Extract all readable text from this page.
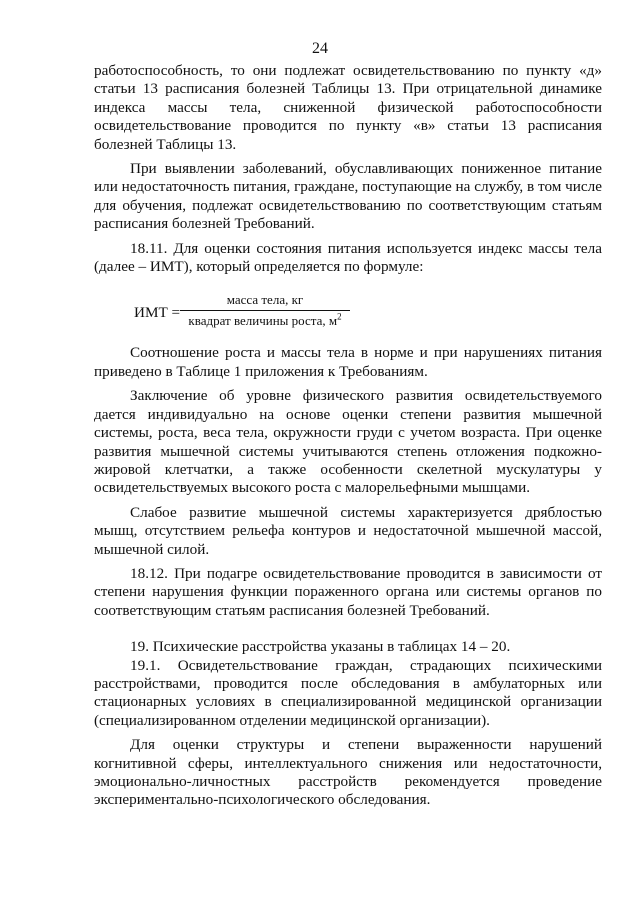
24

работоспособность, то они подлежат освидетельствованию по пункту «д» статьи 13 расписания болезней Таблицы 13. При отрицательной динамике индекса массы тела, сниженной физической работоспособности освидетельствование проводится по пункту «в» статьи 13 расписания болезней Таблицы 13.

При выявлении заболеваний, обуславливающих пониженное питание или недостаточность питания, граждане, поступающие на службу, в том числе для обучения, подлежат освидетельствованию по соответствующим статьям расписания болезней Требований.

18.11. Для оценки состояния питания используется индекс массы тела (далее – ИМТ), который определяется по формуле:

ИМТ =
масса тела, кг
квадрат величины роста, $м^2$

Соотношение роста и массы тела в норме и при нарушениях питания приведено в Таблице 1 приложения к Требованиям.

Заключение об уровне физического развития освидетельствуемого дается индивидуально на основе оценки степени развития мышечной системы, роста, веса тела, окружности груди с учетом возраста. При оценке развития мышечной системы учитываются степень отложения подкожно-жировой клетчатки, а также особенности скелетной мускулатуры у освидетельствуемых высокого роста с малорельефными мышцами.

Слабое развитие мышечной системы характеризуется дряблостью мышц, отсутствием рельефа контуров и недостаточной мышечной массой, мышечной силой.

18.12. При подагре освидетельствование проводится в зависимости от степени нарушения функции пораженного органа или системы органов по соответствующим статьям расписания болезней Требований.

19. Психические расстройства указаны в таблицах 14 – 20.

19.1. Освидетельствование граждан, страдающих психическими расстройствами, проводится после обследования в амбулаторных или стационарных условиях в специализированной медицинской организации (специализированном отделении медицинской организации).

Для оценки структуры и степени выраженности нарушений когнитивной сферы, интеллектуального снижения или недостаточности, эмоционально-личностных расстройств рекомендуется проведение экспериментально-психологического обследования.
